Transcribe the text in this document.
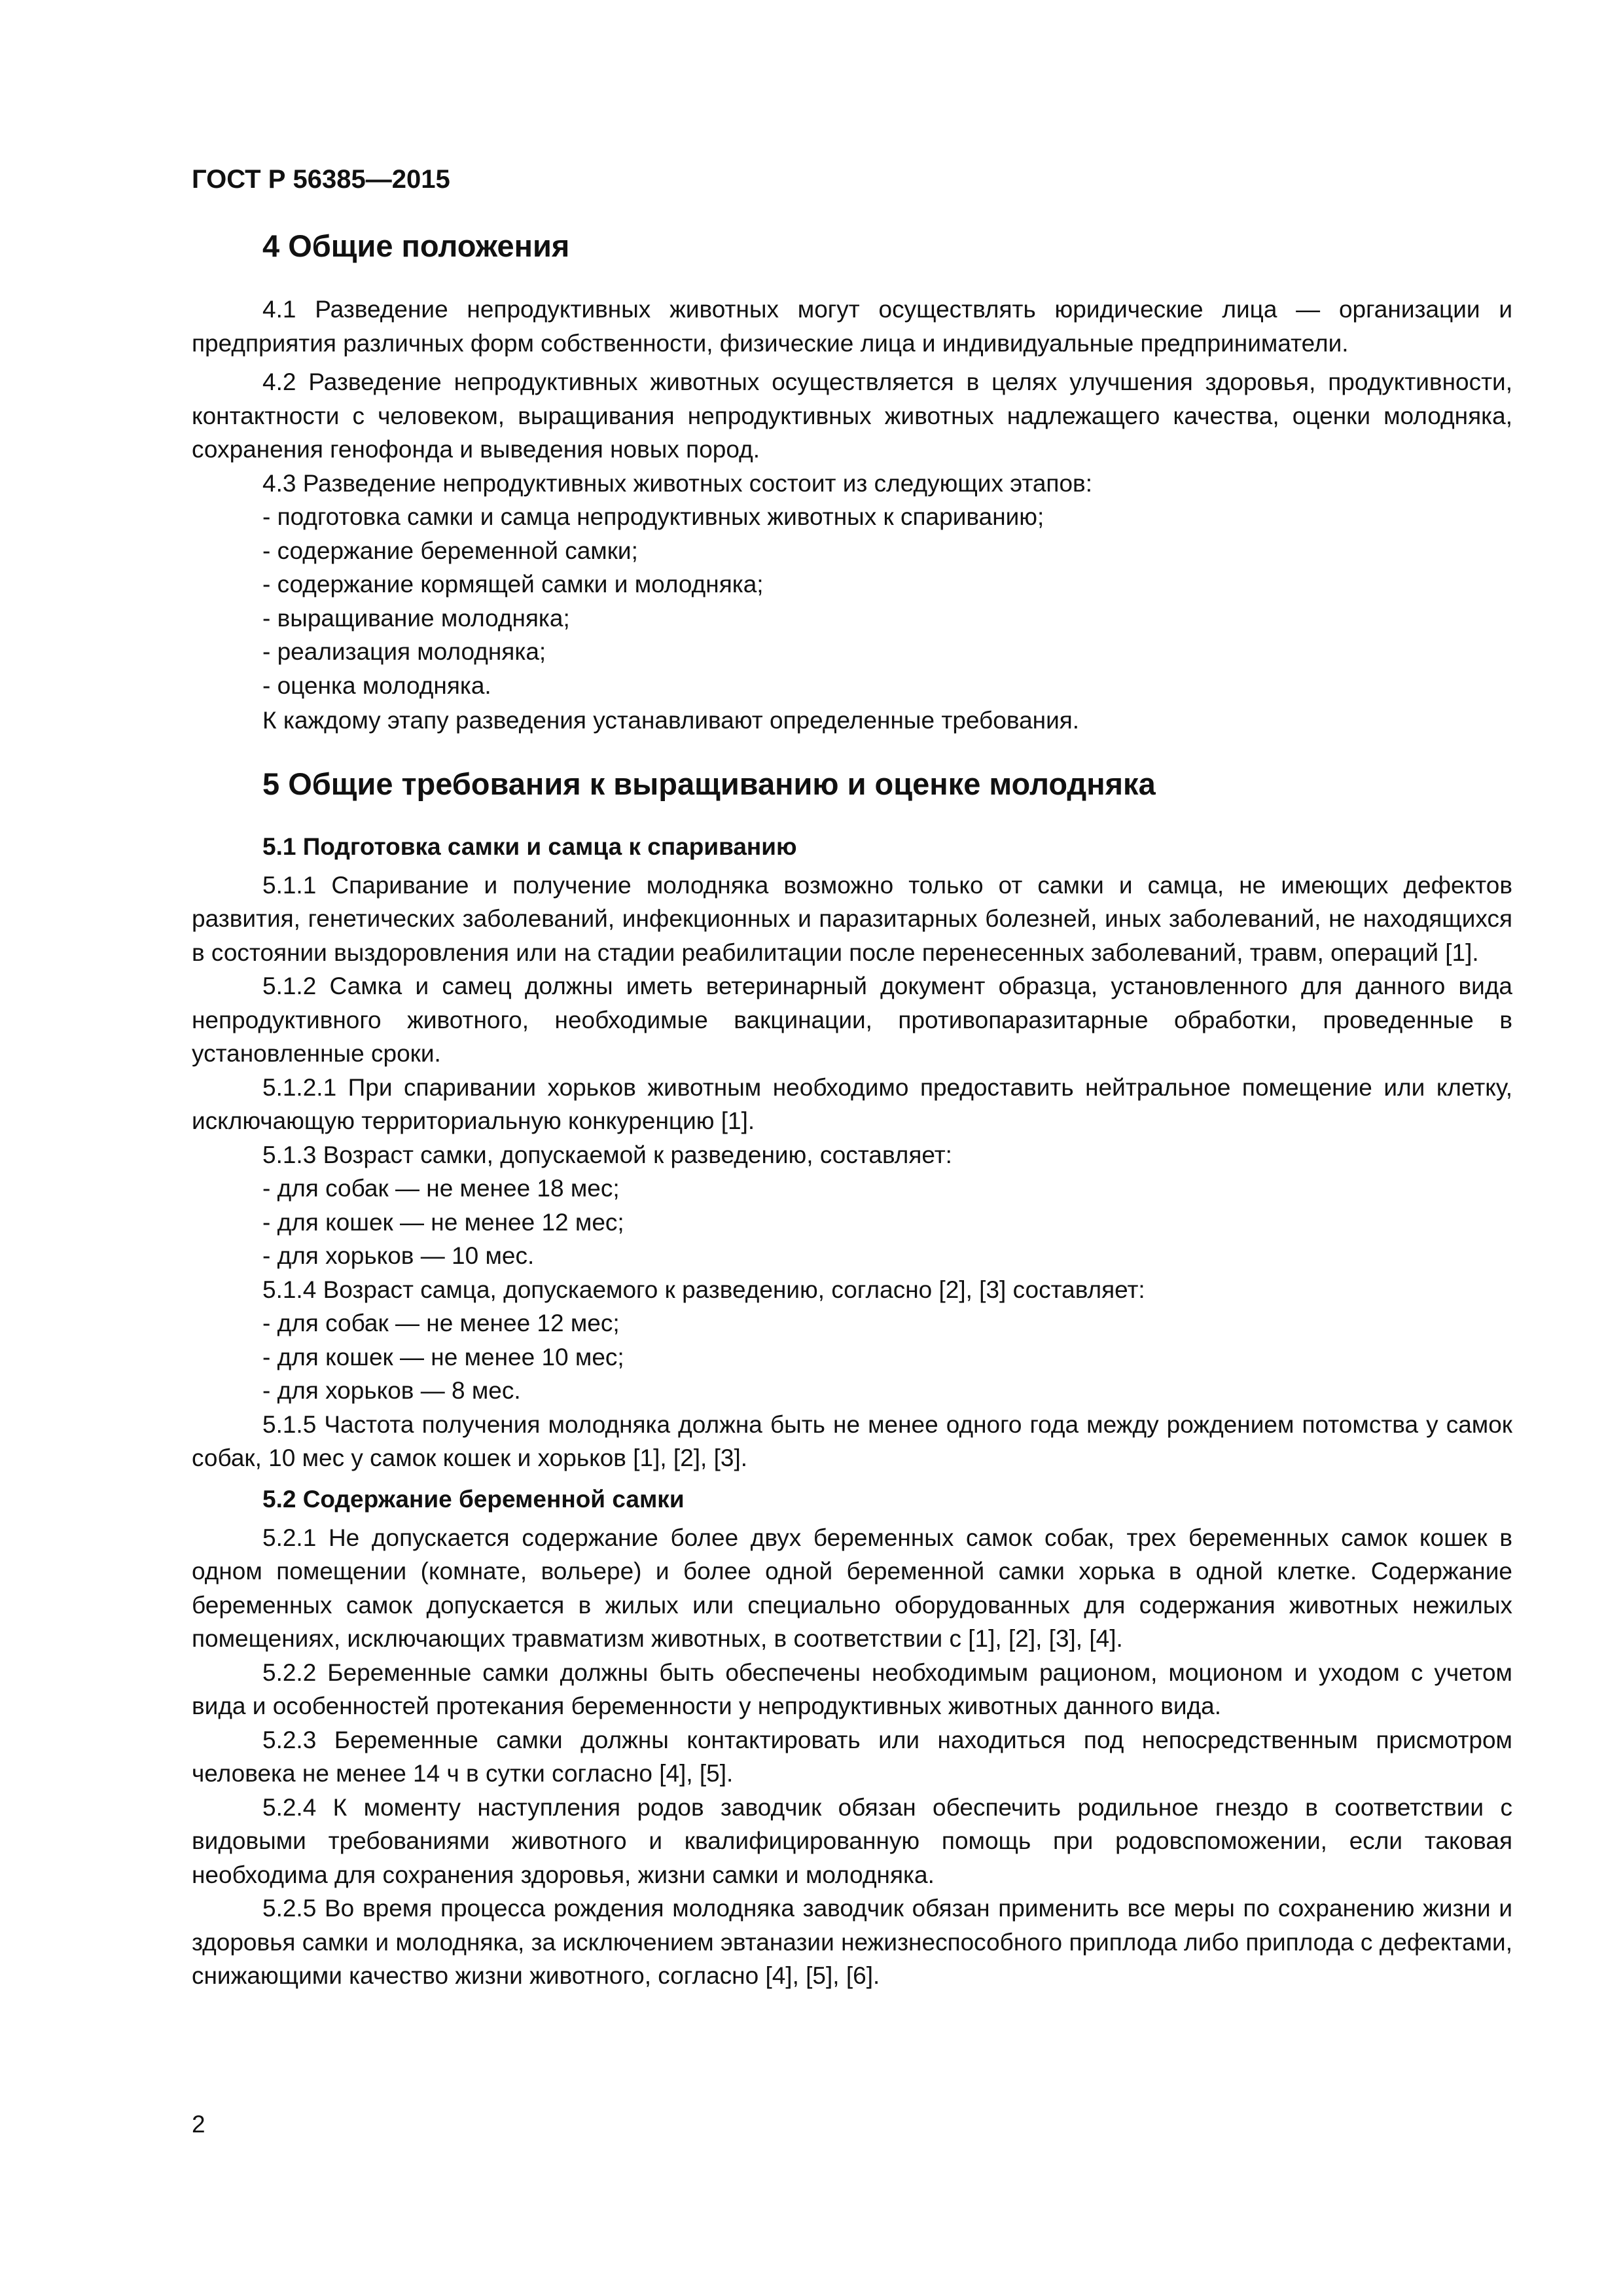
ГОСТ Р 56385—2015

4 Общие положения

4.1 Разведение непродуктивных животных могут осуществлять юридические лица — организации и предприятия различных форм собственности, физические лица и индивидуальные предприниматели.

4.2 Разведение непродуктивных животных осуществляется в целях улучшения здоровья, продуктивности, контактности с человеком, выращивания непродуктивных животных надлежащего качества, оценки молодняка, сохранения генофонда и выведения новых пород.

4.3 Разведение непродуктивных животных состоит из следующих этапов:

- подготовка самки и самца непродуктивных животных к спариванию;
- содержание беременной самки;
- содержание кормящей самки и молодняка;
- выращивание молодняка;
- реализация молодняка;
- оценка молодняка.

К каждому этапу разведения устанавливают определенные требования.

5 Общие требования к выращиванию и оценке молодняка
5.1 Подготовка самки и самца к спариванию

5.1.1 Спаривание и получение молодняка возможно только от самки и самца, не имеющих дефектов развития, генетических заболеваний, инфекционных и паразитарных болезней, иных заболеваний, не находящихся в состоянии выздоровления или на стадии реабилитации после перенесенных заболеваний, травм, операций [1].

5.1.2 Самка и самец должны иметь ветеринарный документ образца, установленного для данного вида непродуктивного животного, необходимые вакцинации, противопаразитарные обработки, проведенные в установленные сроки.

5.1.2.1 При спаривании хорьков животным необходимо предоставить нейтральное помещение или клетку, исключающую территориальную конкуренцию [1].

5.1.3 Возраст самки, допускаемой к разведению, составляет:

- для собак — не менее 18 мес;
- для кошек — не менее 12 мес;
- для хорьков — 10 мес.

5.1.4 Возраст самца, допускаемого к разведению, согласно [2], [3] составляет:

- для собак — не менее 12 мес;
- для кошек — не менее 10 мес;
- для хорьков — 8 мес.

5.1.5 Частота получения молодняка должна быть не менее одного года между рождением потомства у самок собак, 10 мес у самок кошек и хорьков [1], [2], [3].

5.2 Содержание беременной самки

5.2.1 Не допускается содержание более двух беременных самок собак, трех беременных самок кошек в одном помещении (комнате, вольере) и более одной беременной самки хорька в одной клетке. Содержание беременных самок допускается в жилых или специально оборудованных для содержания животных нежилых помещениях, исключающих травматизм животных, в соответствии с [1], [2], [3], [4].

5.2.2 Беременные самки должны быть обеспечены необходимым рационом, моционом и уходом с учетом вида и особенностей протекания беременности у непродуктивных животных данного вида.

5.2.3 Беременные самки должны контактировать или находиться под непосредственным присмотром человека не менее 14 ч в сутки согласно [4], [5].

5.2.4 К моменту наступления родов заводчик обязан обеспечить родильное гнездо в соответствии с видовыми требованиями животного и квалифицированную помощь при родовспоможении, если таковая необходима для сохранения здоровья, жизни самки и молодняка.

5.2.5 Во время процесса рождения молодняка заводчик обязан применить все меры по сохранению жизни и здоровья самки и молодняка, за исключением эвтаназии нежизнеспособного приплода либо приплода с дефектами, снижающими качество жизни животного, согласно [4], [5], [6].

2
